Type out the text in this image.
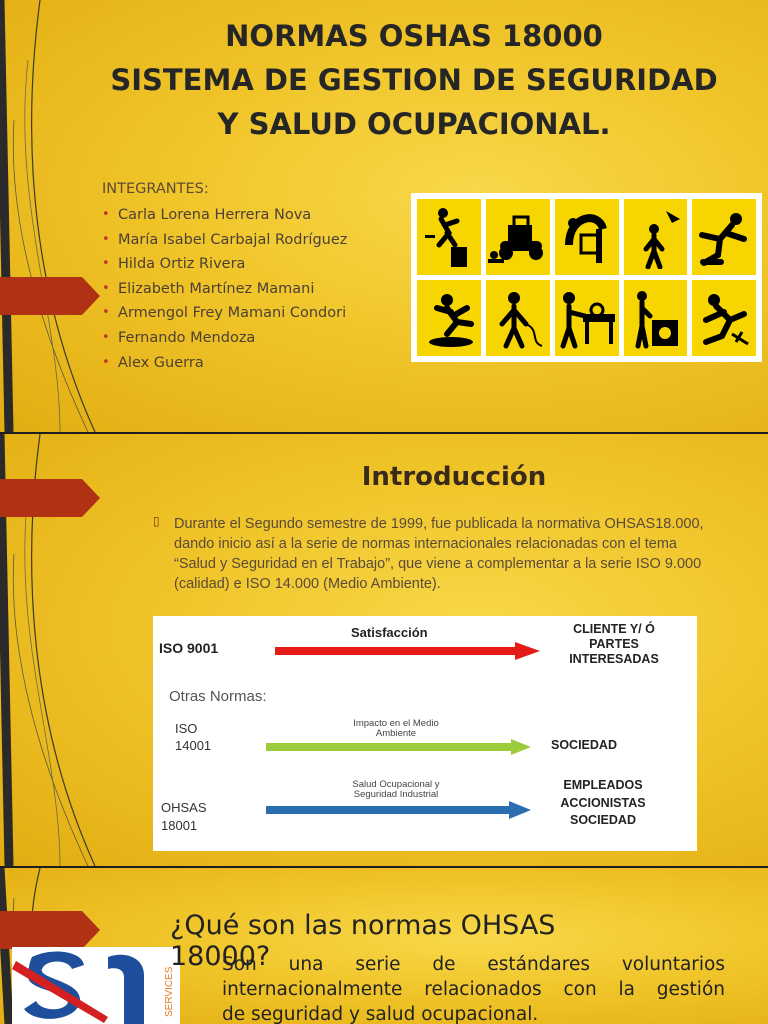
NORMAS OSHAS 18000
SISTEMA DE GESTION DE SEGURIDAD
Y SALUD OCUPACIONAL.
INTEGRANTES:
• Carla Lorena Herrera Nova
• María Isabel Carbajal Rodríguez
• Hilda Ortiz Rivera
• Elizabeth Martínez Mamani
• Armengol Frey Mamani Condori
• Fernando Mendoza
• Alex Guerra
Introducción
▯ Durante el Segundo semestre de 1999, fue publicada la normativa OHSAS18.000, dando inicio así a la serie de normas internacionales relacionadas con el tema “Salud y Seguridad en el Trabajo”, que viene a complementar a la serie ISO 9.000 (calidad) e ISO 14.000 (Medio Ambiente).
ISO 9001
Satisfacción	CLIENTE Y/ Ó
PARTES
INTERESADAS
Otras Normas:
ISO
14001
Impacto en el Medio
Ambiente
SOCIEDAD
OHSAS
18001
Salud Ocupacional y
Seguridad Industrial
EMPLEADOS
ACCIONISTAS
SOCIEDAD
SERVICES
¿Qué son las normas OHSAS
18000?
Son una serie de estándares voluntarios
internacionalmente relacionados con la gestión
de seguridad y salud ocupacional.
